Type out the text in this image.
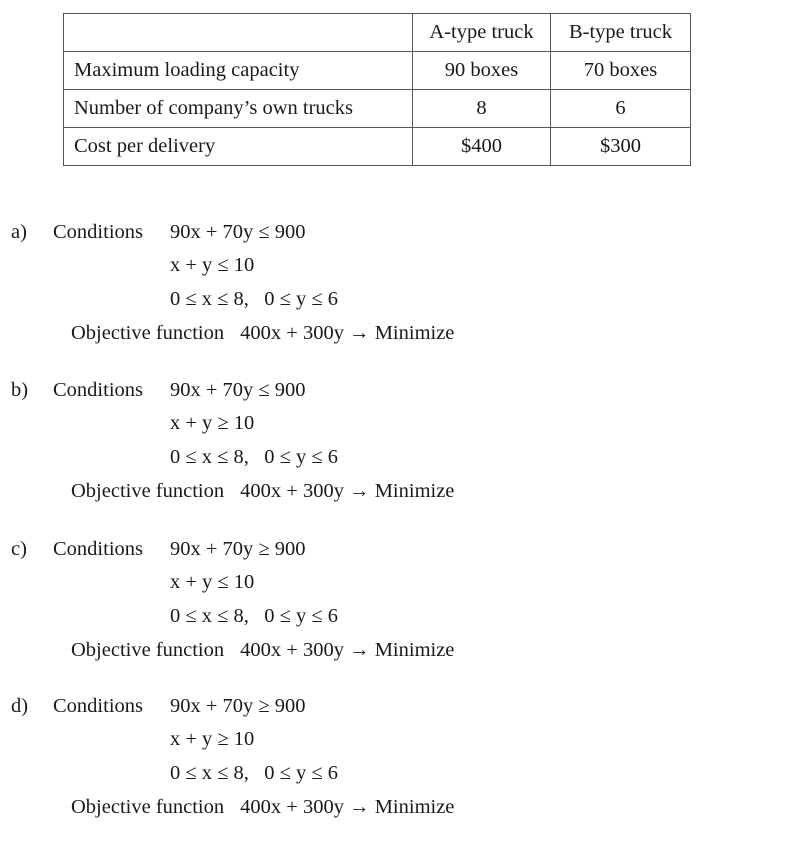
	A-type truck	B-type truck
Maximum loading capacity	90 boxes	70 boxes
Number of company’s own trucks	8	6
Cost per delivery	$400	$300
a) Conditions 90x + 70y ≤ 900
x + y ≤ 10
0 ≤ x ≤ 8,   0 ≤ y ≤ 6
Objective function 400x + 300y → Minimize
b) Conditions 90x + 70y ≤ 900
x + y ≥ 10
0 ≤ x ≤ 8,   0 ≤ y ≤ 6
Objective function 400x + 300y → Minimize
c) Conditions 90x + 70y ≥ 900
x + y ≤ 10
0 ≤ x ≤ 8,   0 ≤ y ≤ 6
Objective function 400x + 300y → Minimize
d) Conditions 90x + 70y ≥ 900
x + y ≥ 10
0 ≤ x ≤ 8,   0 ≤ y ≤ 6
Objective function 400x + 300y → Minimize
